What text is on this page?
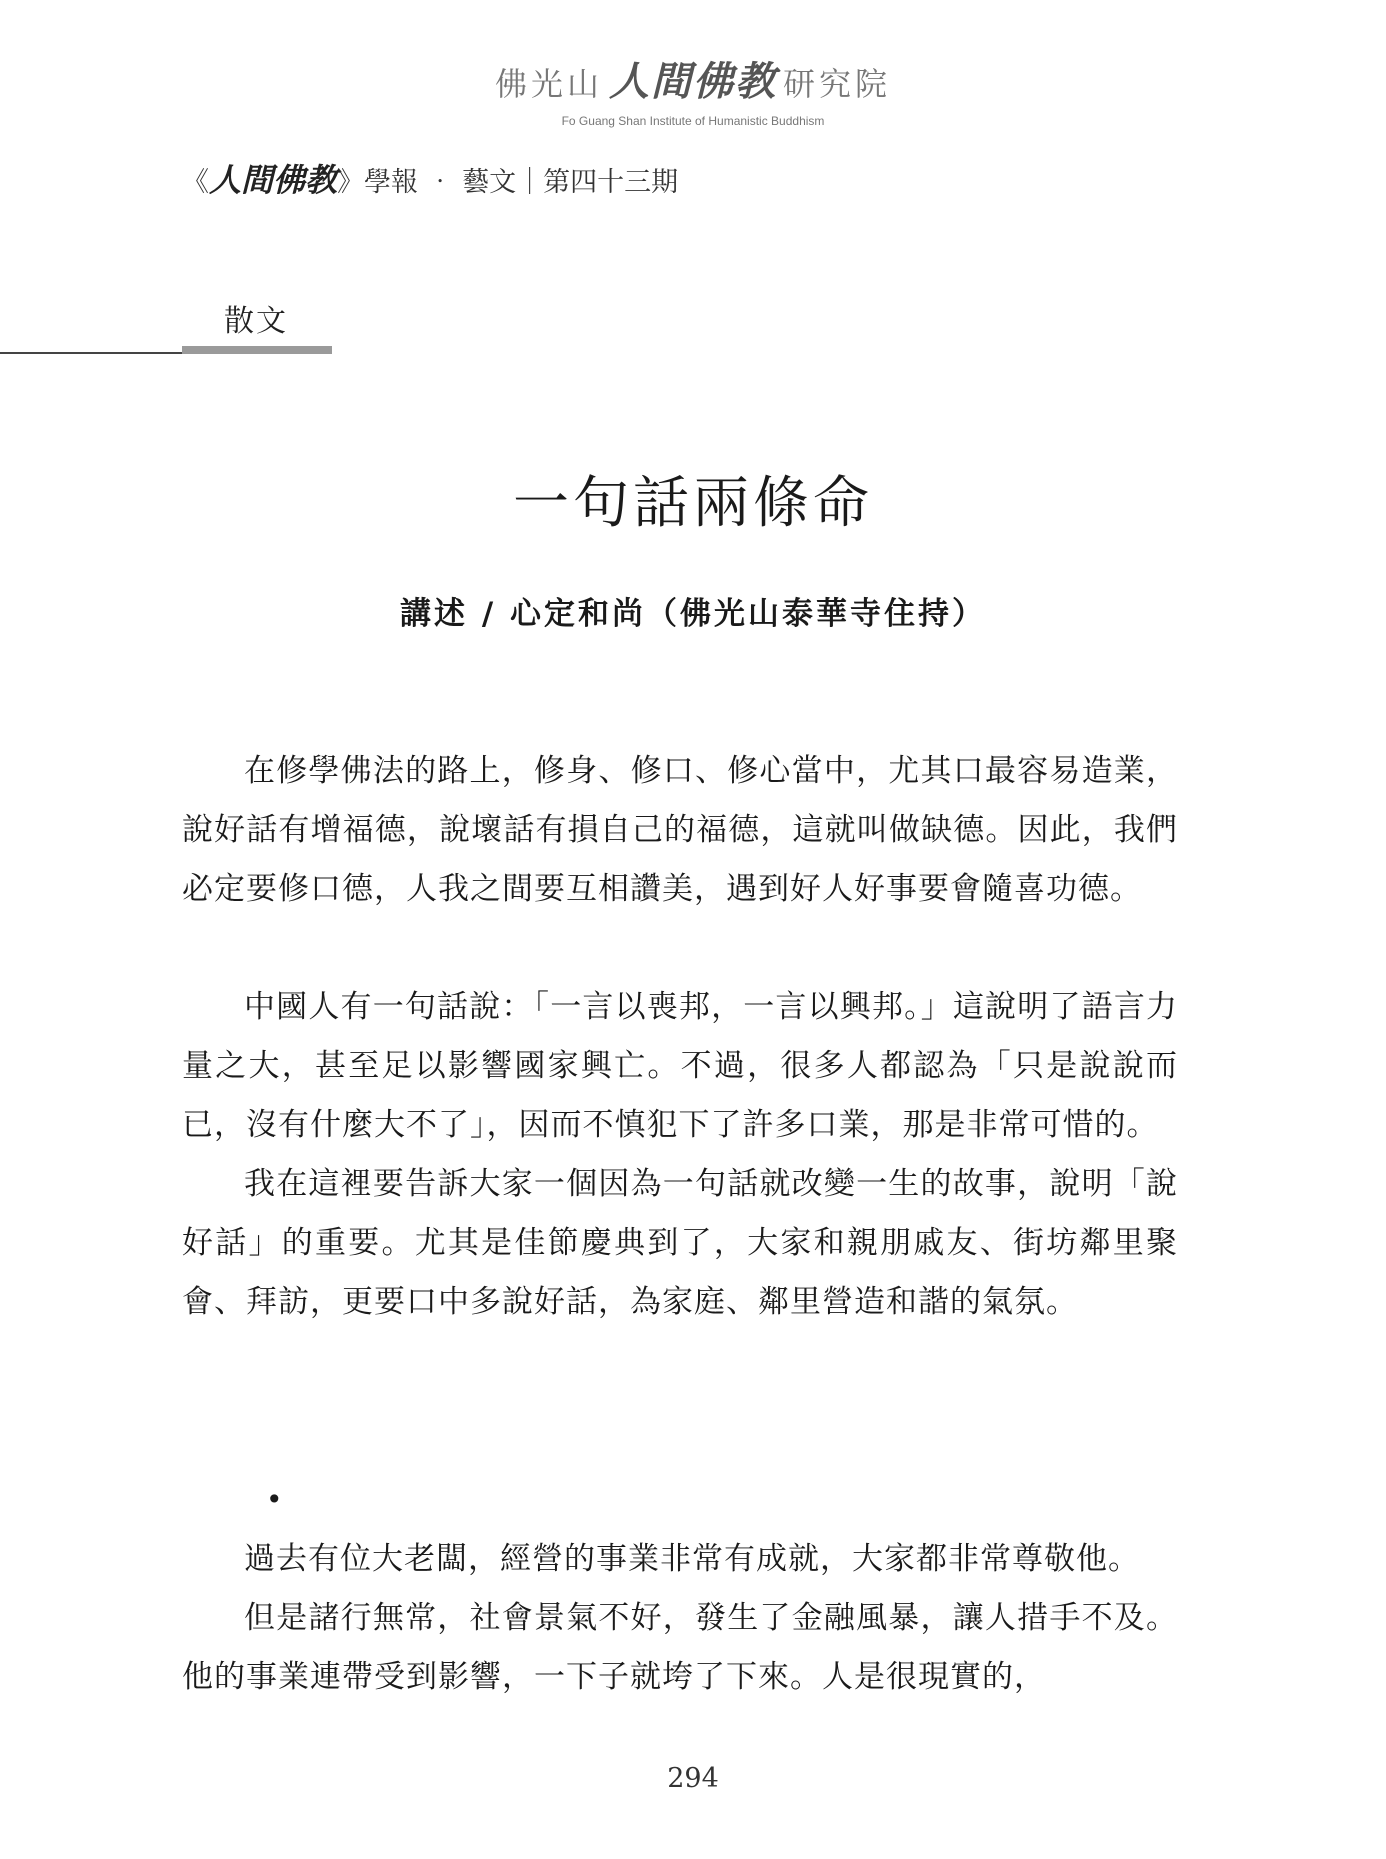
佛光山 人間佛教 研究院
Fo Guang Shan Institute of Humanistic Buddhism
《人間佛教》學報 ‧ 藝文｜第四十三期
散文
一句話兩條命
講述 / 心定和尚（佛光山泰華寺住持）

在修學佛法的路上，修身、修口、修心當中，尤其口最容易造業，說好話有增福德，說壞話有損自己的福德，這就叫做缺德。因此，我們必定要修口德，人我之間要互相讚美，遇到好人好事要會隨喜功德。

中國人有一句話說：「一言以喪邦，一言以興邦。」這說明了語言力量之大，甚至足以影響國家興亡。不過，很多人都認為「只是說說而已，沒有什麼大不了」，因而不慎犯下了許多口業，那是非常可惜的。

我在這裡要告訴大家一個因為一句話就改變一生的故事，說明「說好話」的重要。尤其是佳節慶典到了，大家和親朋戚友、街坊鄰里聚會、拜訪，更要口中多說好話，為家庭、鄰里營造和諧的氣氛。

•

過去有位大老闆，經營的事業非常有成就，大家都非常尊敬他。

但是諸行無常，社會景氣不好，發生了金融風暴，讓人措手不及。他的事業連帶受到影響，一下子就垮了下來。人是很現實的，

294
